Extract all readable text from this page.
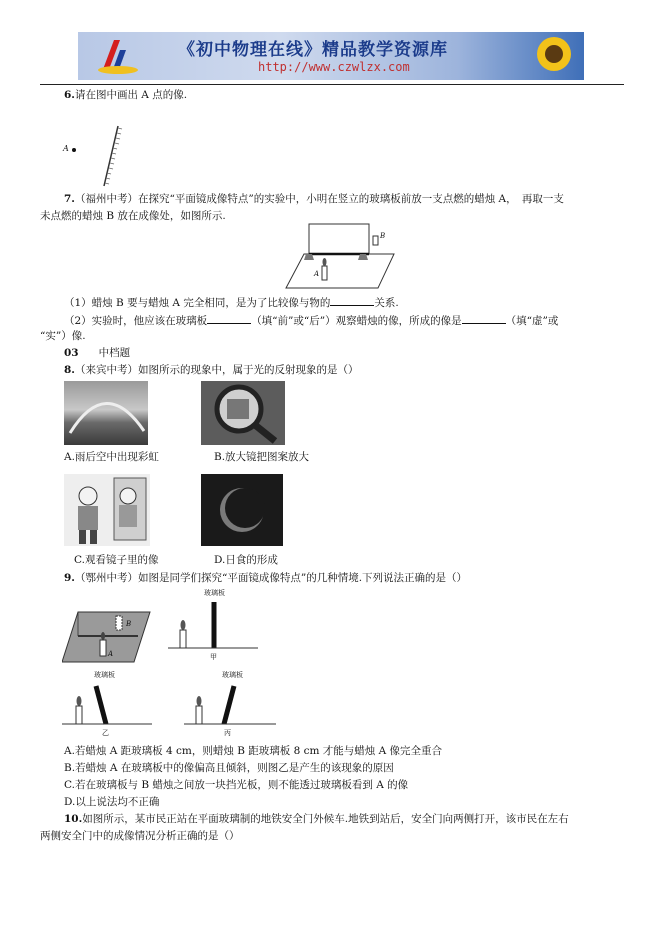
《初中物理在线》精品教学资源库
http://www.czwlzx.com
6.请在图中画出 A 点的像.
A
7.（福州中考）在探究“平面镜成像特点”的实验中，小明在竖立的玻璃板前放一支点燃的蜡烛 A，　再取一支
未点燃的蜡烛 B 放在成像处，如图所示.
A
B
（1）蜡烛 B 要与蜡烛 A 完全相同，是为了比较像与物的	关系.
（2）实验时，他应该在玻璃板	（填“前”或“后”）观察蜡烛的像，所成的像是	（填“虚”或
“实”）像.
03 中档题
8.（来宾中考）如图所示的现象中，属于光的反射现象的是（）
A.雨后空中出现彩虹	B.放大镜把图案放大
C.观看镜子里的像	D.日食的形成
9.（鄂州中考）如图是同学们探究“平面镜成像特点”的几种情境.下列说法正确的是（）
B
A
玻璃板
甲
玻璃板
乙
玻璃板
丙
A.若蜡烛 A 距玻璃板 4 cm，则蜡烛 B 距玻璃板 8 cm 才能与蜡烛 A 像完全重合
B.若蜡烛 A 在玻璃板中的像偏高且倾斜，则图乙是产生的该现象的原因
C.若在玻璃板与 B 蜡烛之间放一块挡光板，则不能透过玻璃板看到 A 的像
D.以上说法均不正确
10.如图所示，某市民正站在平面玻璃制的地铁安全门外候车.地铁到站后，安全门向两侧打开，该市民在左右
两侧安全门中的成像情况分析正确的是（）
